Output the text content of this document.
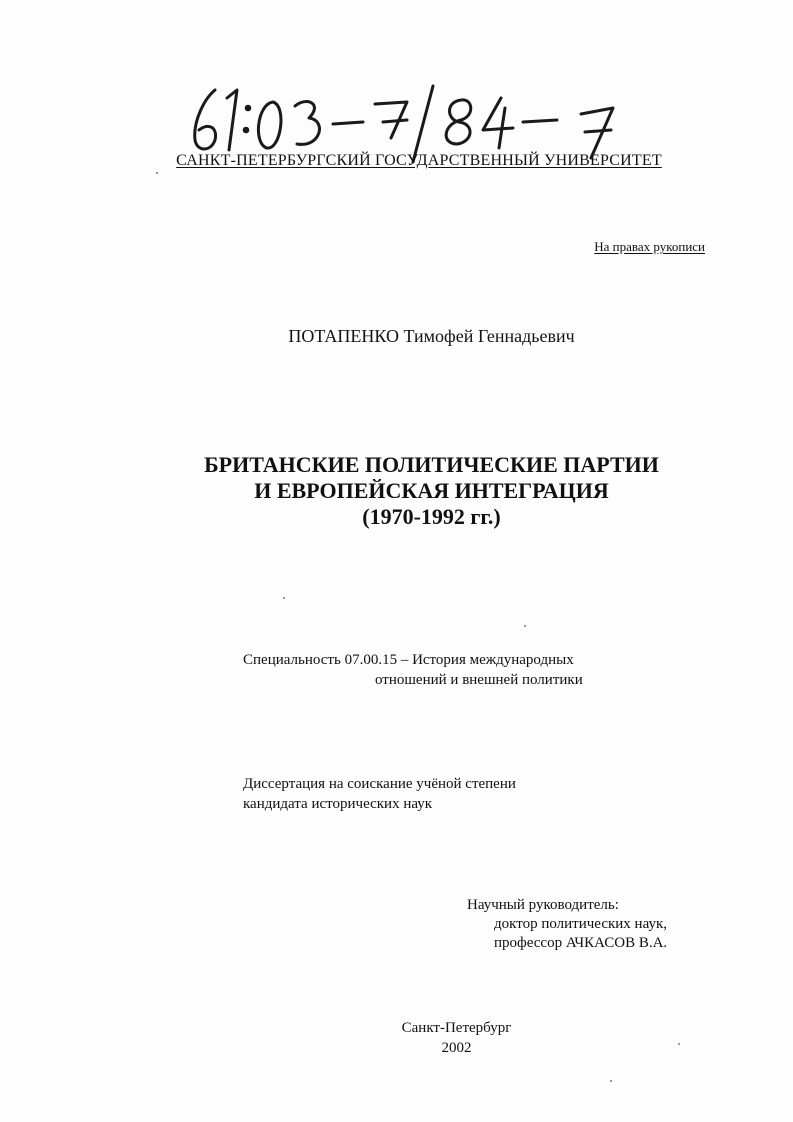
САНКТ-ПЕТЕРБУРГСКИЙ ГОСУДАРСТВЕННЫЙ УНИВЕРСИТЕТ
На правах рукописи
ПОТАПЕНКО Тимофей Геннадьевич
БРИТАНСКИЕ ПОЛИТИЧЕСКИЕ ПАРТИИ
И ЕВРОПЕЙСКАЯ ИНТЕГРАЦИЯ
(1970-1992 гг.)
Специальность 07.00.15 – История международных
отношений и внешней политики
Диссертация на соискание учёной степени
кандидата исторических наук
Научный руководитель:
доктор политических наук,
профессор АЧКАСОВ В.А.
Санкт-Петербург
2002
